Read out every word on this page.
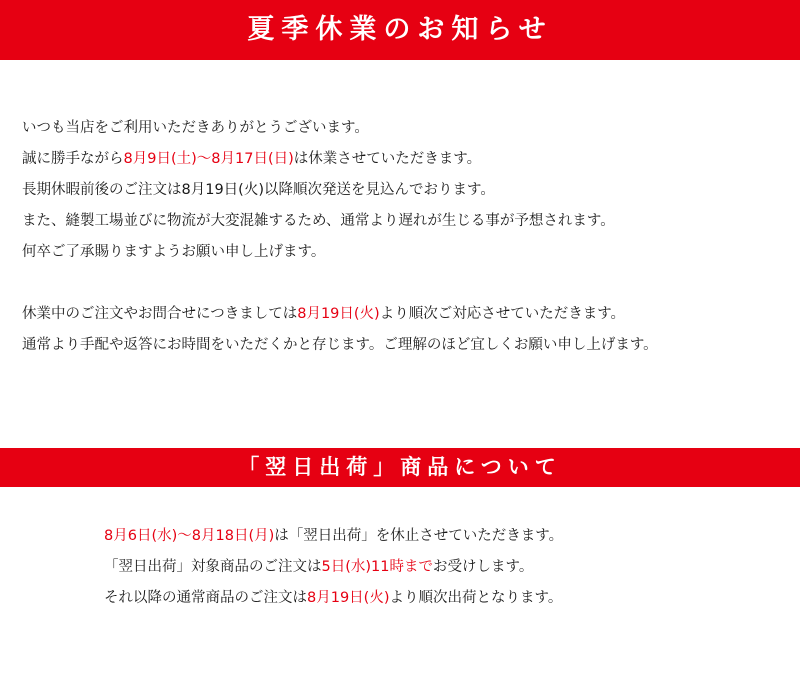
夏季休業のお知らせ
いつも当店をご利用いただきありがとうございます。
誠に勝手ながら8月9日(土)～8月17日(日)は休業させていただきます。
長期休暇前後のご注文は8月19日(火)以降順次発送を見込んでおります。
また、縫製工場並びに物流が大変混雑するため、通常より遅れが生じる事が予想されます。
何卒ご了承賜りますようお願い申し上げます。
休業中のご注文やお問合せにつきましては8月19日(火)より順次ご対応させていただきます。
通常より手配や返答にお時間をいただくかと存じます。ご理解のほど宜しくお願い申し上げます。
「翌日出荷」商品について
8月6日(水)～8月18日(月)は「翌日出荷」を休止させていただきます。
「翌日出荷」対象商品のご注文は5日(水)11時までお受けします。
それ以降の通常商品のご注文は8月19日(火)より順次出荷となります。
